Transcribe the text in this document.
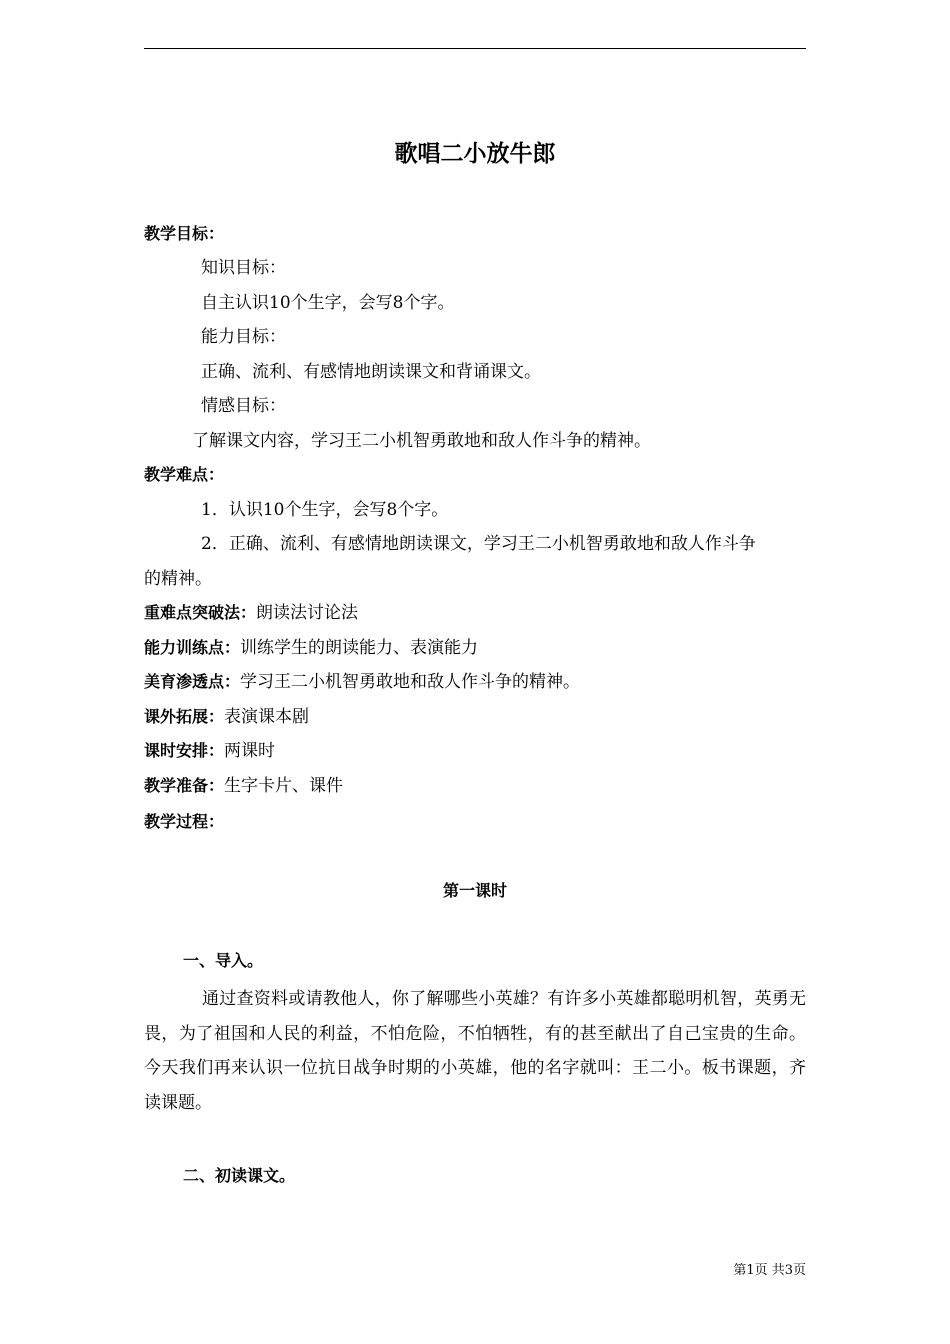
歌唱二小放牛郎
教学目标：
知识目标：
自主认识10个生字，会写8个字。
能力目标：
正确、流利、有感情地朗读课文和背诵课文。
情感目标：
了解课文内容，学习王二小机智勇敢地和敌人作斗争的精神。
教学难点：
1．认识10个生字，会写8个字。
2．正确、流利、有感情地朗读课文，学习王二小机智勇敢地和敌人作斗争
的精神。
重难点突破法：朗读法讨论法
能力训练点：训练学生的朗读能力、表演能力
美育渗透点：学习王二小机智勇敢地和敌人作斗争的精神。
课外拓展：表演课本剧
课时安排：两课时
教学准备：生字卡片、课件
教学过程：
第一课时
一、导入。
通过查资料或请教他人，你了解哪些小英雄？有许多小英雄都聪明机智，英勇无畏，为了祖国和人民的利益，不怕危险，不怕牺牲，有的甚至献出了自己宝贵的生命。今天我们再来认识一位抗日战争时期的小英雄，他的名字就叫：王二小。板书课题，齐读课题。
二、初读课文。
第1页 共3页
